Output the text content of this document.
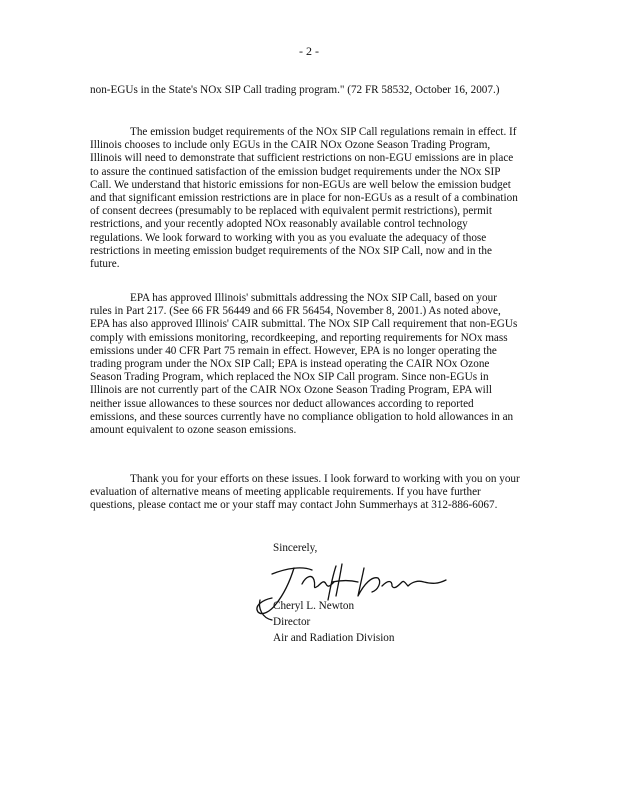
- 2 -

non-EGUs in the State's NOx SIP Call trading program." (72 FR 58532, October 16, 2007.)

The emission budget requirements of the NOx SIP Call regulations remain in effect. If Illinois chooses to include only EGUs in the CAIR NOx Ozone Season Trading Program, Illinois will need to demonstrate that sufficient restrictions on non-EGU emissions are in place to assure the continued satisfaction of the emission budget requirements under the NOx SIP Call. We understand that historic emissions for non-EGUs are well below the emission budget and that significant emission restrictions are in place for non-EGUs as a result of a combination of consent decrees (presumably to be replaced with equivalent permit restrictions), permit restrictions, and your recently adopted NOx reasonably available control technology regulations. We look forward to working with you as you evaluate the adequacy of those restrictions in meeting emission budget requirements of the NOx SIP Call, now and in the future.

EPA has approved Illinois' submittals addressing the NOx SIP Call, based on your rules in Part 217. (See 66 FR 56449 and 66 FR 56454, November 8, 2001.) As noted above, EPA has also approved Illinois' CAIR submittal. The NOx SIP Call requirement that non-EGUs comply with emissions monitoring, recordkeeping, and reporting requirements for NOx mass emissions under 40 CFR Part 75 remain in effect. However, EPA is no longer operating the trading program under the NOx SIP Call; EPA is instead operating the CAIR NOx Ozone Season Trading Program, which replaced the NOx SIP Call program. Since non-EGUs in Illinois are not currently part of the CAIR NOx Ozone Season Trading Program, EPA will neither issue allowances to these sources nor deduct allowances according to reported emissions, and these sources currently have no compliance obligation to hold allowances in an amount equivalent to ozone season emissions.

Thank you for your efforts on these issues. I look forward to working with you on your evaluation of alternative means of meeting applicable requirements. If you have further questions, please contact me or your staff may contact John Summerhays at 312-886-6067.

Sincerely,
Cheryl L. Newton
Director
Air and Radiation Division
